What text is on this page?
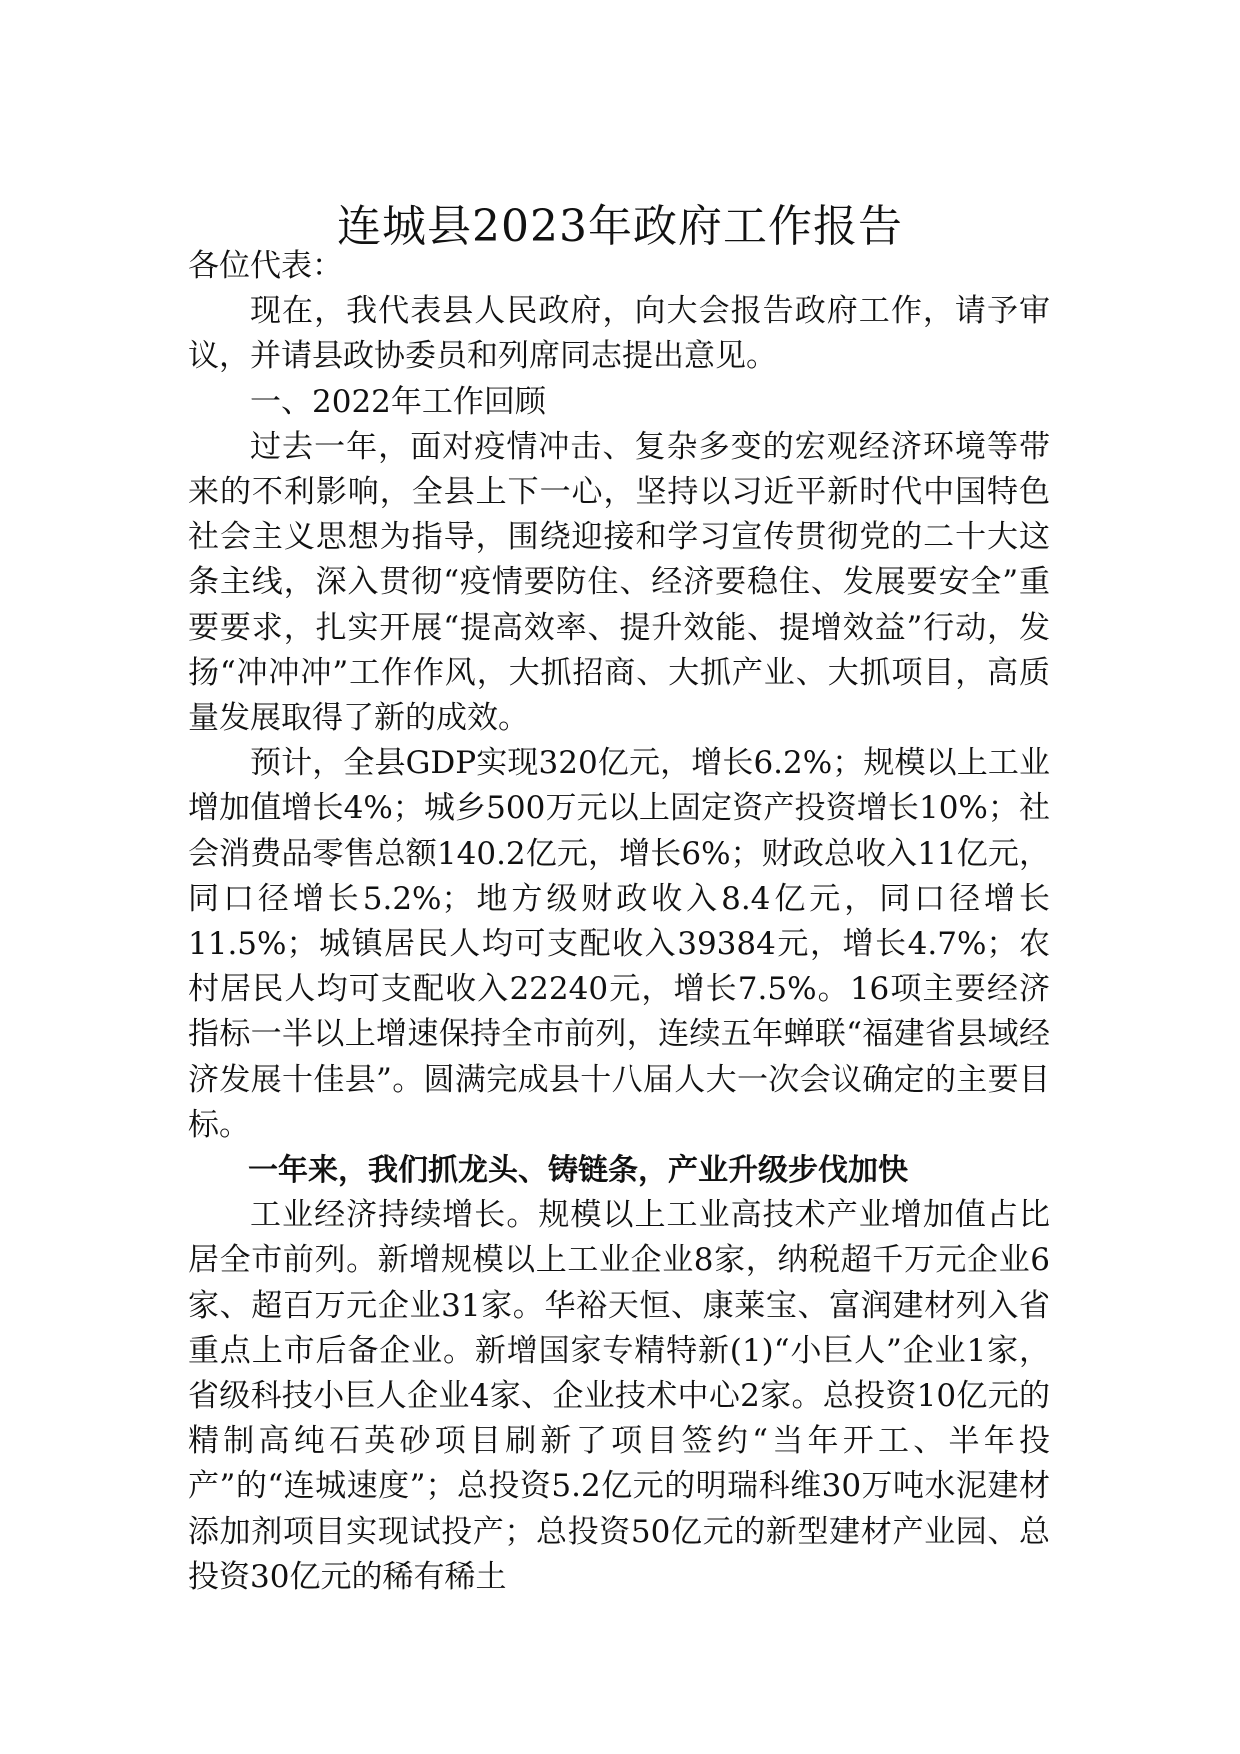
连城县2023年政府工作报告

各位代表：

现在，我代表县人民政府，向大会报告政府工作，请予审议，并请县政协委员和列席同志提出意见。

一、2022年工作回顾

过去一年，面对疫情冲击、复杂多变的宏观经济环境等带来的不利影响，全县上下一心，坚持以习近平新时代中国特色社会主义思想为指导，围绕迎接和学习宣传贯彻党的二十大这条主线，深入贯彻“疫情要防住、经济要稳住、发展要安全”重要要求，扎实开展“提高效率、提升效能、提增效益”行动，发扬“冲冲冲”工作作风，大抓招商、大抓产业、大抓项目，高质量发展取得了新的成效。

预计，全县GDP实现320亿元，增长6.2%；规模以上工业增加值增长4%；城乡500万元以上固定资产投资增长10%；社会消费品零售总额140.2亿元，增长6%；财政总收入11亿元，同口径增长5.2%；地方级财政收入8.4亿元，同口径增长11.5%；城镇居民人均可支配收入39384元，增长4.7%；农村居民人均可支配收入22240元，增长7.5%。16项主要经济指标一半以上增速保持全市前列，连续五年蝉联“福建省县域经济发展十佳县”。圆满完成县十八届人大一次会议确定的主要目标。

一年来，我们抓龙头、铸链条，产业升级步伐加快

工业经济持续增长。规模以上工业高技术产业增加值占比居全市前列。新增规模以上工业企业8家，纳税超千万元企业6家、超百万元企业31家。华裕天恒、康莱宝、富润建材列入省重点上市后备企业。新增国家专精特新(1)“小巨人”企业1家，省级科技小巨人企业4家、企业技术中心2家。总投资10亿元的精制高纯石英砂项目刷新了项目签约“当年开工、半年投产”的“连城速度”；总投资5.2亿元的明瑞科维30万吨水泥建材添加剂项目实现试投产；总投资50亿元的新型建材产业园、总投资30亿元的稀有稀土
